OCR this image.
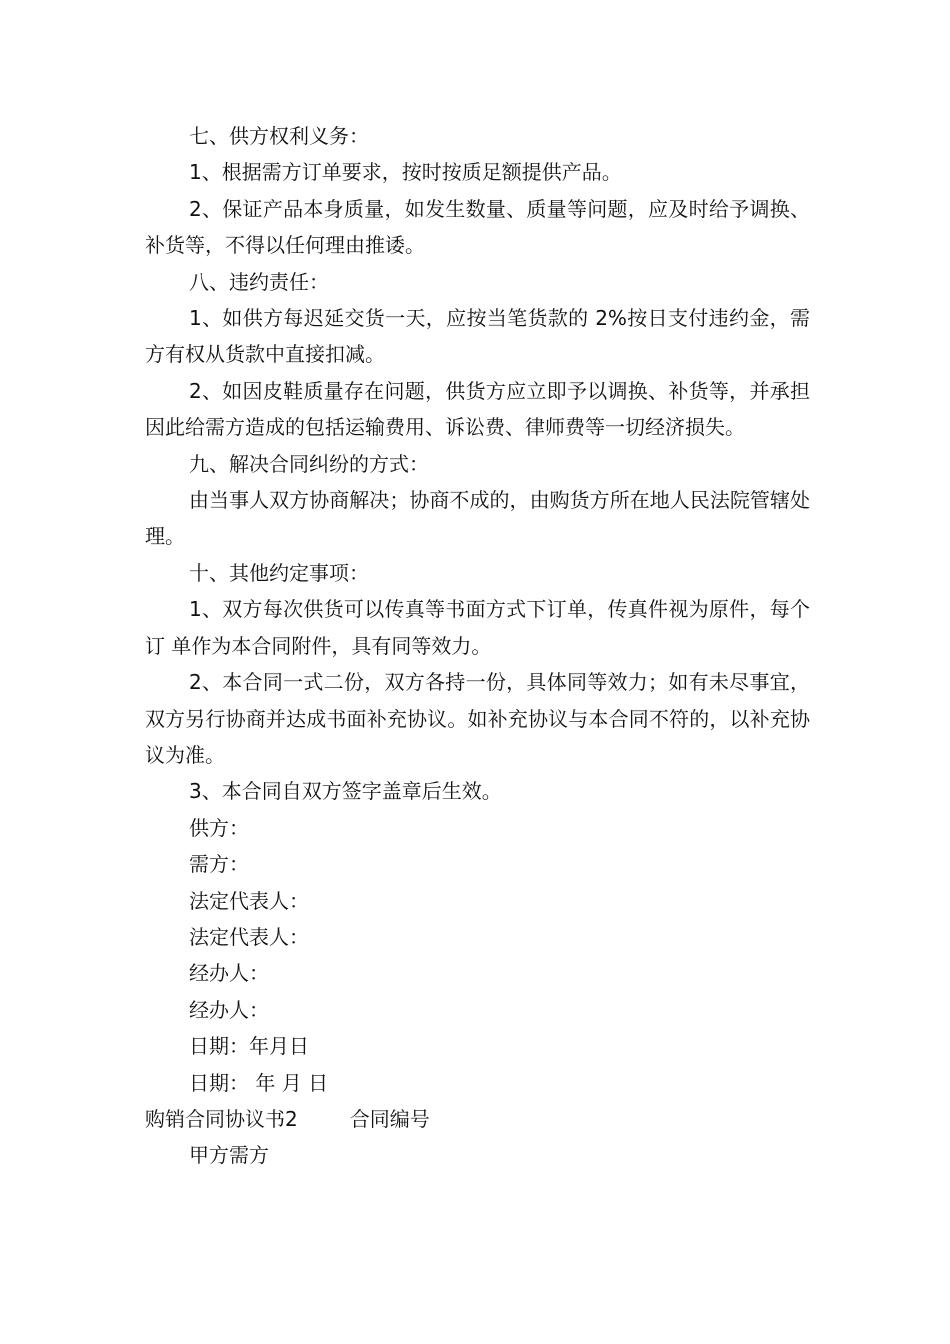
七、供方权利义务：

1、根据需方订单要求，按时按质足额提供产品。

2、保证产品本身质量，如发生数量、质量等问题，应及时给予调换、补货等，不得以任何理由推诿。

八、违约责任：

1、如供方每迟延交货一天，应按当笔货款的 2%按日支付违约金，需方有权从货款中直接扣减。

2、如因皮鞋质量存在问题，供货方应立即予以调换、补货等，并承担因此给需方造成的包括运输费用、诉讼费、律师费等一切经济损失。

九、解决合同纠纷的方式：

由当事人双方协商解决；协商不成的，由购货方所在地人民法院管辖处理。

十、其他约定事项：

1、双方每次供货可以传真等书面方式下订单，传真件视为原件，每个订 单作为本合同附件，具有同等效力。

2、本合同一式二份，双方各持一份，具体同等效力；如有未尽事宜，双方另行协商并达成书面补充协议。如补充协议与本合同不符的，以补充协议为准。

3、本合同自双方签字盖章后生效。

供方：

需方：

法定代表人：

法定代表人：

经办人：

经办人：

日期：年月日

日期： 年 月 日

购销合同协议书2	合同编号

甲方需方
